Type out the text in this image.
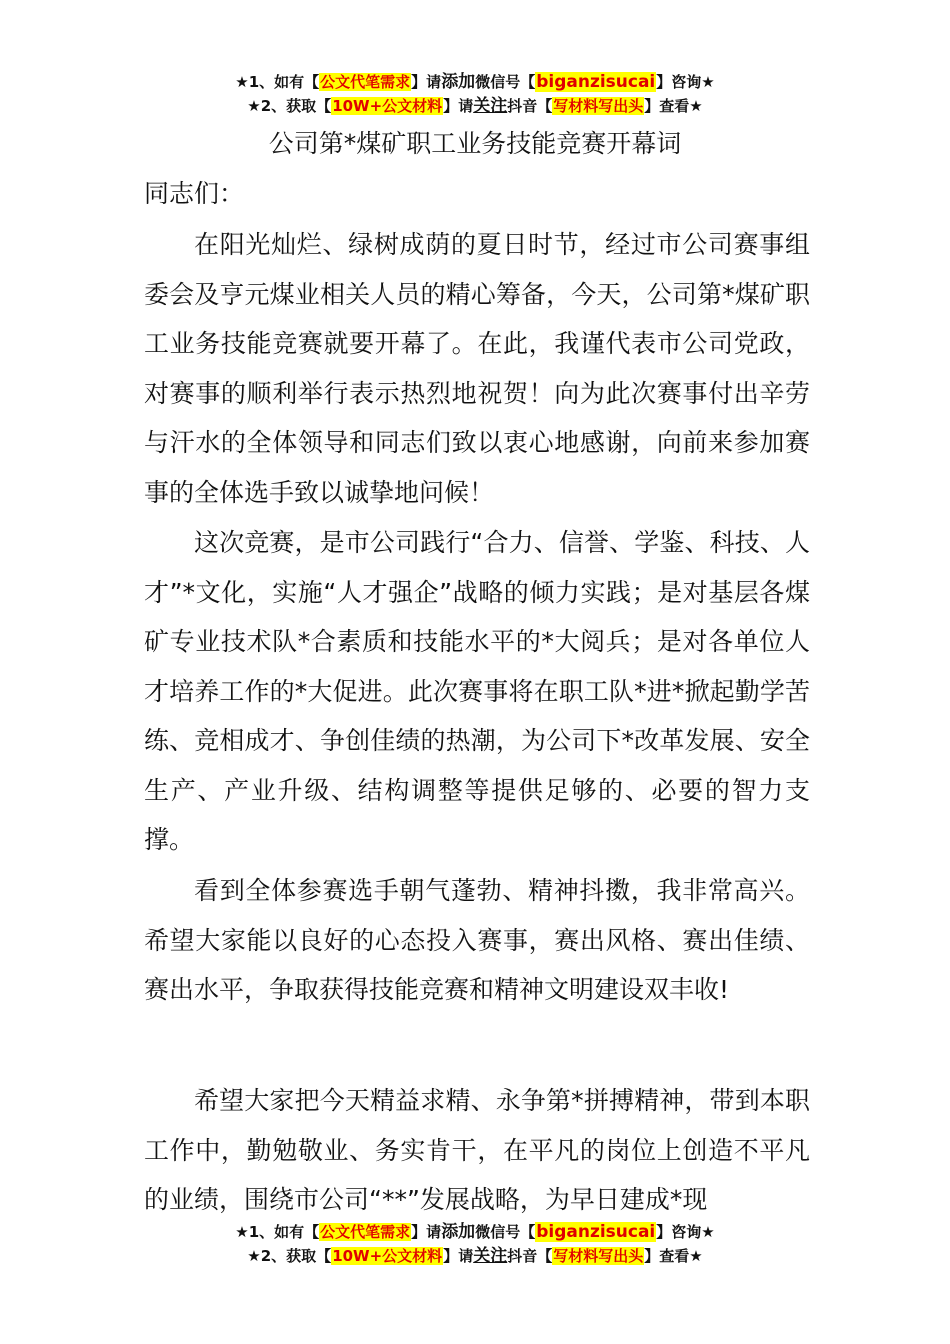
★1、如有【公文代笔需求】请添加微信号【biganzisucai】咨询★
★2、获取【10W+公文材料】请关注抖音【写材料写出头】查看★
公司第*煤矿职工业务技能竞赛开幕词
同志们：
在阳光灿烂、绿树成荫的夏日时节，经过市公司赛事组委会及亨元煤业相关人员的精心筹备，今天，公司第*煤矿职工业务技能竞赛就要开幕了。在此，我谨代表市公司党政，对赛事的顺利举行表示热烈地祝贺！向为此次赛事付出辛劳与汗水的全体领导和同志们致以衷心地感谢，向前来参加赛事的全体选手致以诚挚地问候！
这次竞赛，是市公司践行“合力、信誉、学鉴、科技、人才”*文化，实施“人才强企”战略的倾力实践；是对基层各煤矿专业技术队*合素质和技能水平的*大阅兵；是对各单位人才培养工作的*大促进。此次赛事将在职工队*进*掀起勤学苦练、竞相成才、争创佳绩的热潮，为公司下*改革发展、安全生产、产业升级、结构调整等提供足够的、必要的智力支撑。
看到全体参赛选手朝气蓬勃、精神抖擞，我非常高兴。希望大家能以良好的心态投入赛事，赛出风格、赛出佳绩、赛出水平，争取获得技能竞赛和精神文明建设双丰收!
希望大家把今天精益求精、永争第*拼搏精神，带到本职工作中，勤勉敬业、务实肯干，在平凡的岗位上创造不平凡的业绩，围绕市公司“**”发展战略，为早日建成*现
★1、如有【公文代笔需求】请添加微信号【biganzisucai】咨询★
★2、获取【10W+公文材料】请关注抖音【写材料写出头】查看★
